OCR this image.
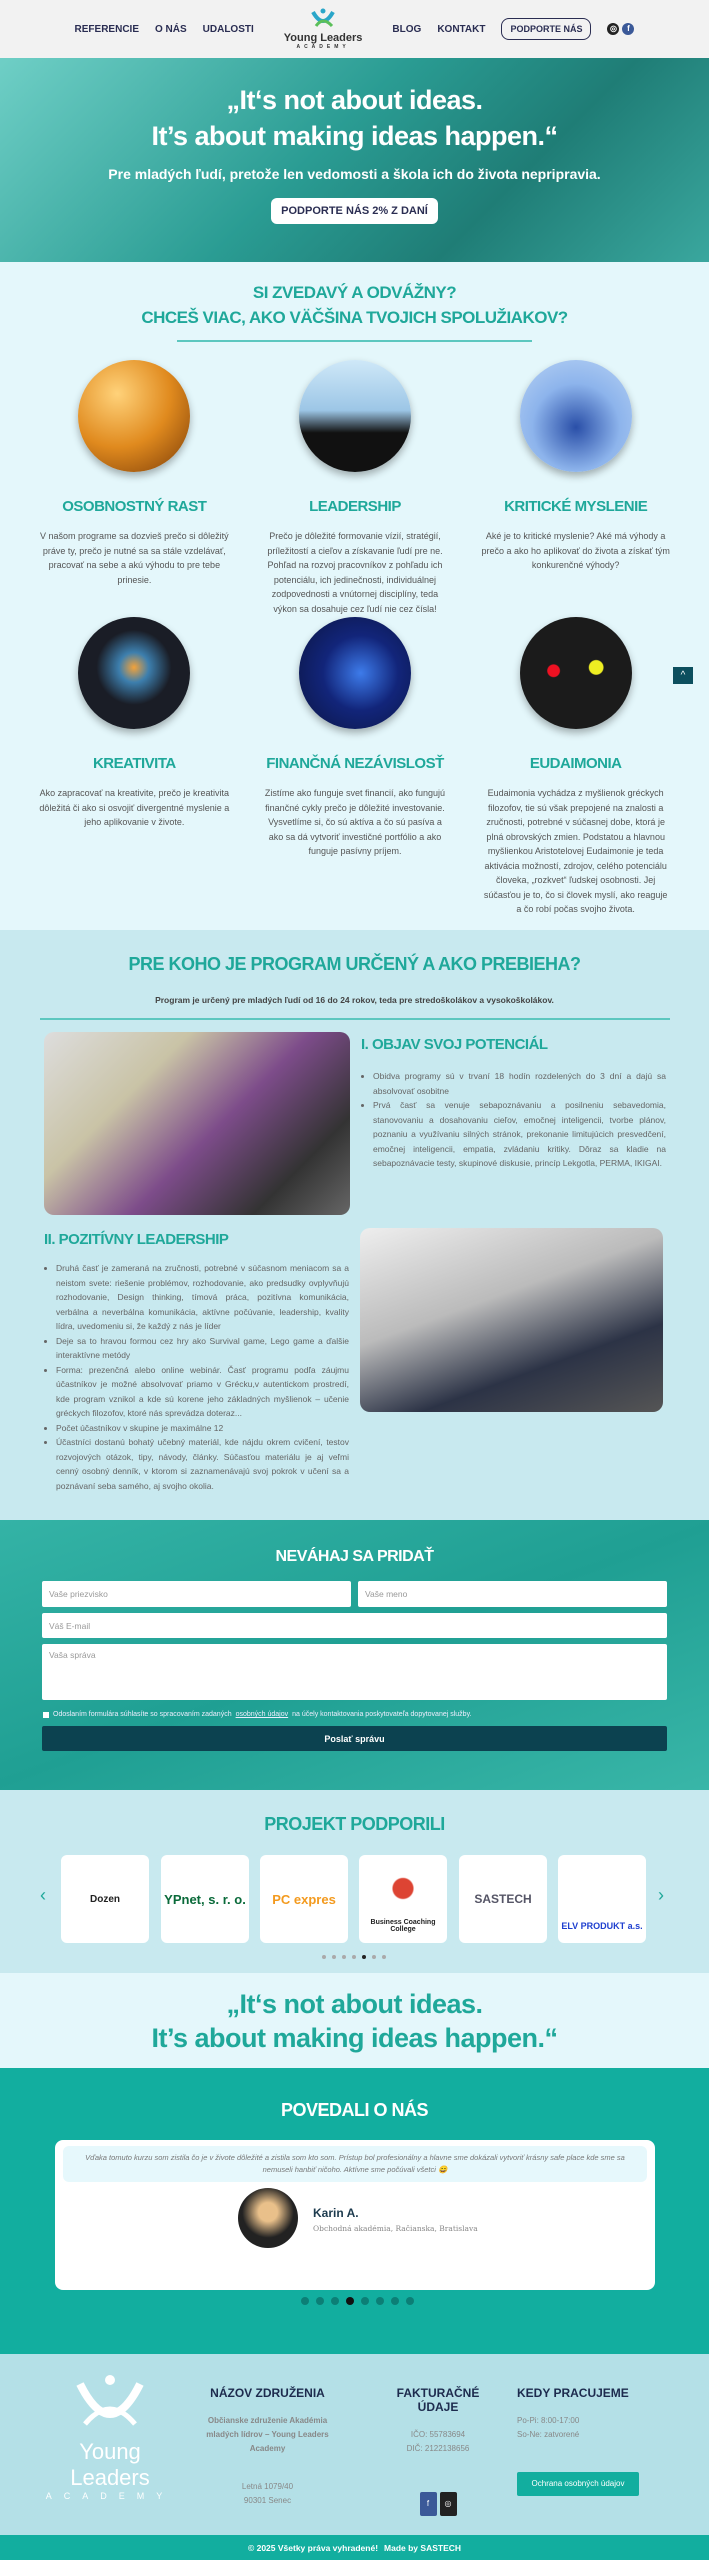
REFERENCIE O NÁS UDALOSTI
Young Leaders
ACADEMY
BLOG KONTAKT	PODPORTE NÁS	◎	f
„It‘s not about ideas.
It’s about making ideas happen.“

Pre mladých ľudí, pretože len vedomosti a škola ich do života nepripravia.

PODPORTE NÁS 2% Z DANÍ
SI ZVEDAVÝ A ODVÁŽNY?
CHCEŠ VIAC, AKO VÄČŠINA TVOJICH SPOLUŽIAKOV?
OSOBNOSTNÝ RAST

V našom programe sa dozvieš prečo si dôležitý práve ty, prečo je nutné sa sa stále vzdelávať, pracovať na sebe a akú výhodu to pre tebe prinesie.

LEADERSHIP

Prečo je dôležité formovanie vízií, stratégií, príležitostí a cieľov a získavanie ľudí pre ne. Pohľad na rozvoj pracovníkov z pohľadu ich potenciálu, ich jedinečnosti, individuálnej zodpovednosti a vnútornej disciplíny, teda výkon sa dosahuje cez ľudí nie cez čísla!

KRITICKÉ MYSLENIE

Aké je to kritické myslenie? Aké má výhody a prečo a ako ho aplikovať do života a získať tým konkurenčné výhody?

KREATIVITA

Ako zapracovať na kreativite, prečo je kreativita dôležitá či ako si osvojiť divergentné myslenie a jeho aplikovanie v živote.

FINANČNÁ NEZÁVISLOSŤ

Zistíme ako funguje svet financií, ako fungujú finančné cykly prečo je dôležité investovanie. Vysvetlíme si, čo sú aktíva a čo sú pasíva a ako sa dá vytvoriť investičné portfólio a ako funguje pasívny príjem.

EUDAIMONIA

Eudaimonia vychádza z myšlienok gréckych filozofov, tie sú však prepojené na znalosti a zručnosti, potrebné v súčasnej dobe, ktorá je plná obrovských zmien. Podstatou a hlavnou myšlienkou Aristotelovej Eudaimonie je teda aktivácia možností, zdrojov, celého potenciálu človeka, „rozkvet“ ľudskej osobnosti. Jej súčasťou je to, čo si človek myslí, ako reaguje a čo robí počas svojho života.

^
PRE KOHO JE PROGRAM URČENÝ A AKO PREBIEHA?

Program je určený pre mladých ľudí od 16 do 24 rokov, teda pre stredoškolákov a vysokoškolákov.

I. OBJAV SVOJ POTENCIÁL
• Obidva programy sú v trvaní 18 hodín rozdelených do 3 dní a dajú sa absolvovať osobitne
• Prvá časť sa venuje sebapoznávaniu a posilneniu sebavedomia, stanovovaniu a dosahovaniu cieľov, emočnej inteligencii, tvorbe plánov, poznaniu a využívaniu silných stránok, prekonanie limitujúcich presvedčení, emočnej inteligencii, empatia, zvládaniu kritiky. Dôraz sa kladie na sebapoznávacie testy, skupinové diskusie, princíp Lekgotla, PERMA, IKIGAI.
II. POZITÍVNY LEADERSHIP
• Druhá časť je zameraná na zručnosti, potrebné v súčasnom meniacom sa a neistom svete: riešenie problémov, rozhodovanie, ako predsudky ovplyvňujú rozhodovanie, Design thinking, tímová práca, pozitívna komunikácia, verbálna a neverbálna komunikácia, aktívne počúvanie, leadership, kvality lídra, uvedomeniu si, že každý z nás je líder
• Deje sa to hravou formou cez hry ako Survival game, Lego game a ďalšie interaktívne metódy
• Forma: prezenčná alebo online webinár. Časť programu podľa záujmu účastníkov je možné absolvovať priamo v Grécku,v autentickom prostredí, kde program vznikol a kde sú korene jeho základných myšlienok – učenie gréckych filozofov, ktoré nás sprevádza doteraz...
• Počet účastníkov v skupine je maximálne 12
• Účastníci dostanú bohatý učebný materiál, kde nájdu okrem cvičení, testov rozvojových otázok, tipy, návody, články. Súčasťou materiálu je aj veľmi cenný osobný denník, v ktorom si zaznamenávajú svoj pokrok v učení sa a poznávaní seba samého, aj svojho okolia.
NEVÁHAJ SA PRIDAŤ
Vaše priezvisko	Vaše meno
Váš E-mail
Vaša správa
Odoslaním formulára súhlasíte so spracovaním zadaných osobných údajov na účely kontaktovania poskytovateľa dopytovanej služby.
Poslať správu
PROJEKT PODPORILI
‹	›
Dozen	YPnet, s. r. o.	PC expres
Business Coaching College
SASTECH
ELV PRODUKT a.s.
„It‘s not about ideas.
It’s about making ideas happen.“
POVEDALI O NÁS
Vďaka tomuto kurzu som zistila čo je v živote dôležité a zistila som kto som. Prístup bol profesionálny a hlavne sme dokázali vytvoriť krásny safe place kde sme sa nemuseli hanbiť ničoho. Aktívne sme počúvali všetci 😄
Karin A.
Obchodná akadémia, Račianska, Bratislava
Young Leaders
ACADEMY
NÁZOV ZDRUŽENIA

Občianske združenie Akadémia mladých lídrov – Young Leaders Academy

Letná 1079/40

90301 Senec

FAKTURAČNÉ ÚDAJE

IČO: 55783694

DIČ: 2122138656

f	◎
KEDY PRACUJEME

Po-Pi: 8:00-17:00

So-Ne: zatvorené

Ochrana osobných údajov
© 2025 Všetky práva vyhradené! Made by SASTECH
